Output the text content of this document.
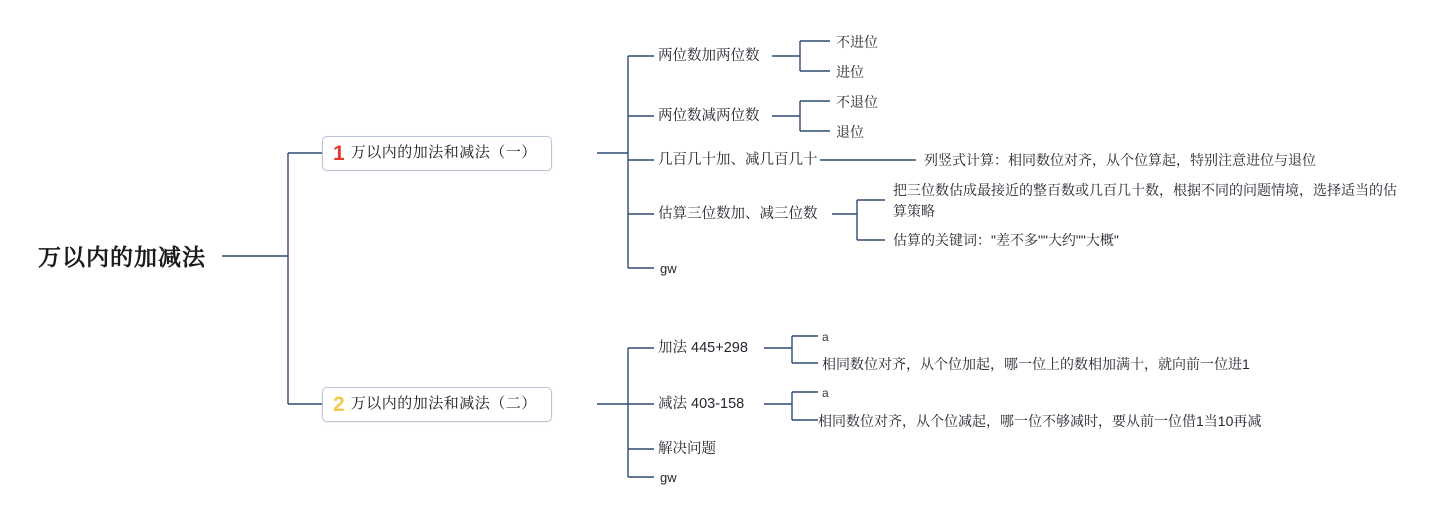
万以内的加减法
1 万以内的加法和减法（一）
两位数加两位数
不进位
进位
两位数减两位数
不退位
退位
几百几十加、减几百几十	列竖式计算：相同数位对齐，从个位算起，特别注意进位与退位
估算三位数加、减三位数
把三位数估成最接近的整百数或几百几十数，根据不同的问题情境，选择适当的估算策略
估算的关键词："差不多""大约""大概"
gw
2 万以内的加法和减法（二）
加法 445+298
a
相同数位对齐，从个位加起，哪一位上的数相加满十，就向前一位进1
减法 403-158
a
相同数位对齐，从个位减起，哪一位不够减时，要从前一位借1当10再减
解决问题
gw
